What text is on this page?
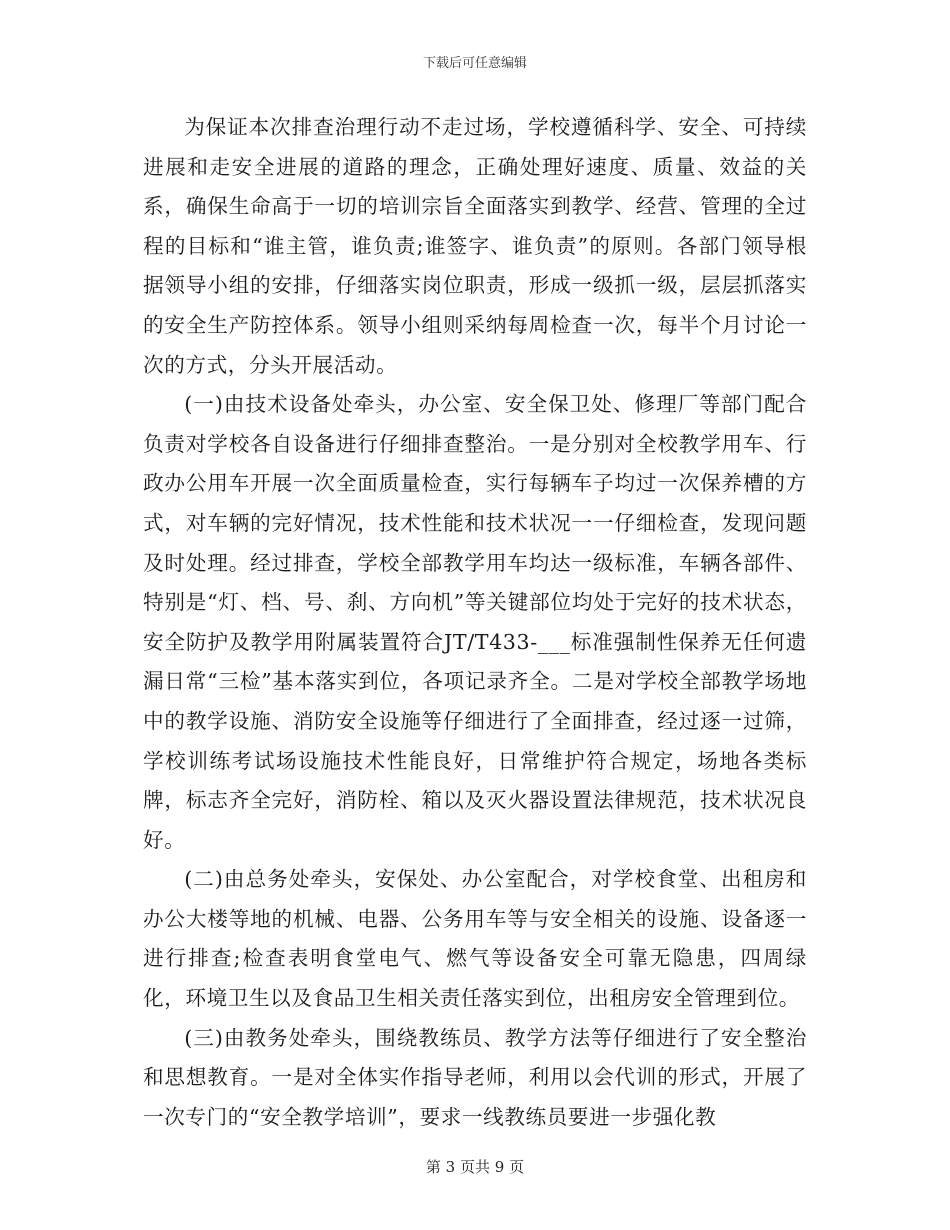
下载后可任意编辑

为保证本次排查治理行动不走过场，学校遵循科学、安全、可持续进展和走安全进展的道路的理念，正确处理好速度、质量、效益的关系，确保生命高于一切的培训宗旨全面落实到教学、经营、管理的全过程的目标和“谁主管，谁负责;谁签字、谁负责”的原则。各部门领导根据领导小组的安排，仔细落实岗位职责，形成一级抓一级，层层抓落实的安全生产防控体系。领导小组则采纳每周检查一次，每半个月讨论一次的方式，分头开展活动。

(一)由技术设备处牵头，办公室、安全保卫处、修理厂等部门配合负责对学校各自设备进行仔细排查整治。一是分别对全校教学用车、行政办公用车开展一次全面质量检查，实行每辆车子均过一次保养槽的方式，对车辆的完好情况，技术性能和技术状况一一仔细检查，发现问题及时处理。经过排查，学校全部教学用车均达一级标准，车辆各部件、特别是“灯、档、号、刹、方向机”等关键部位均处于完好的技术状态，安全防护及教学用附属装置符合JT/T433-___标准强制性保养无任何遗漏日常“三检”基本落实到位，各项记录齐全。二是对学校全部教学场地中的教学设施、消防安全设施等仔细进行了全面排查，经过逐一过筛，学校训练考试场设施技术性能良好，日常维护符合规定，场地各类标牌，标志齐全完好，消防栓、箱以及灭火器设置法律规范，技术状况良好。

(二)由总务处牵头，安保处、办公室配合，对学校食堂、出租房和办公大楼等地的机械、电器、公务用车等与安全相关的设施、设备逐一进行排查;检查表明食堂电气、燃气等设备安全可靠无隐患，四周绿化，环境卫生以及食品卫生相关责任落实到位，出租房安全管理到位。

(三)由教务处牵头，围绕教练员、教学方法等仔细进行了安全整治和思想教育。一是对全体实作指导老师，利用以会代训的形式，开展了一次专门的“安全教学培训”，要求一线教练员要进一步强化教

第 3 页共 9 页
